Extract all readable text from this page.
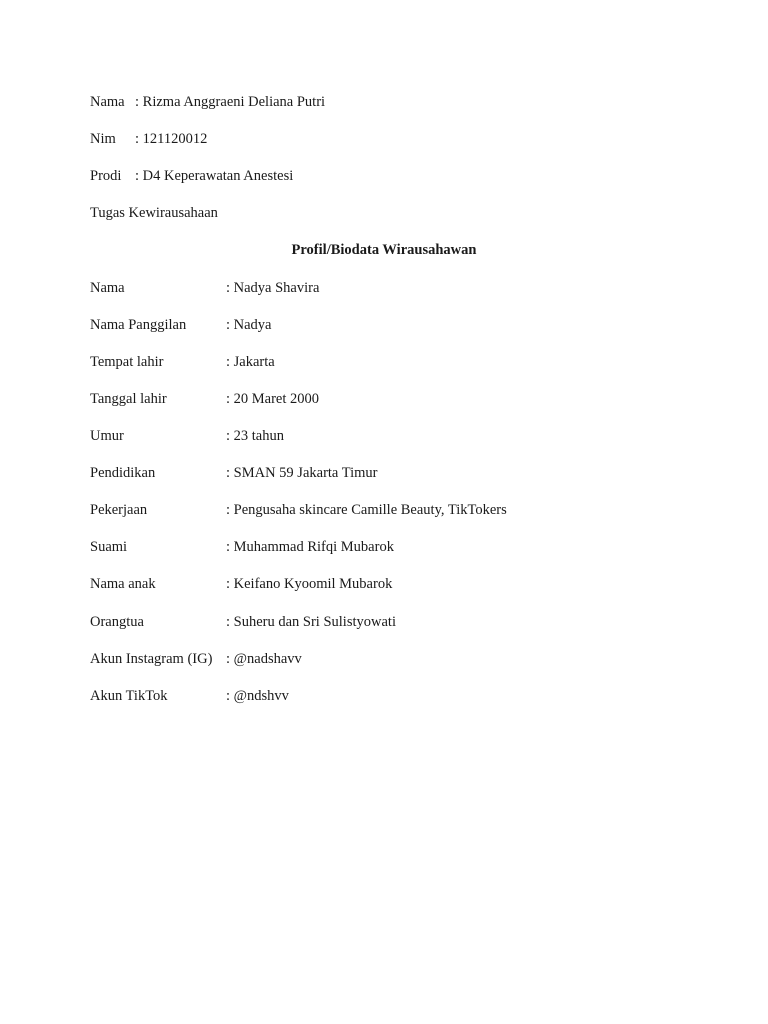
Nama : Rizma Anggraeni Deliana Putri
Nim : 121120012
Prodi : D4 Keperawatan Anestesi
Tugas Kewirausahaan
Profil/Biodata Wirausahawan
Nama	: Nadya Shavira
Nama Panggilan	: Nadya
Tempat lahir	: Jakarta
Tanggal lahir	: 20 Maret 2000
Umur	: 23 tahun
Pendidikan	: SMAN 59 Jakarta Timur
Pekerjaan	: Pengusaha skincare Camille Beauty, TikTokers
Suami	: Muhammad Rifqi Mubarok
Nama anak	: Keifano Kyoomil Mubarok
Orangtua	: Suheru dan Sri Sulistyowati
Akun Instagram (IG) : @nadshavv
Akun TikTok	: @ndshvv
